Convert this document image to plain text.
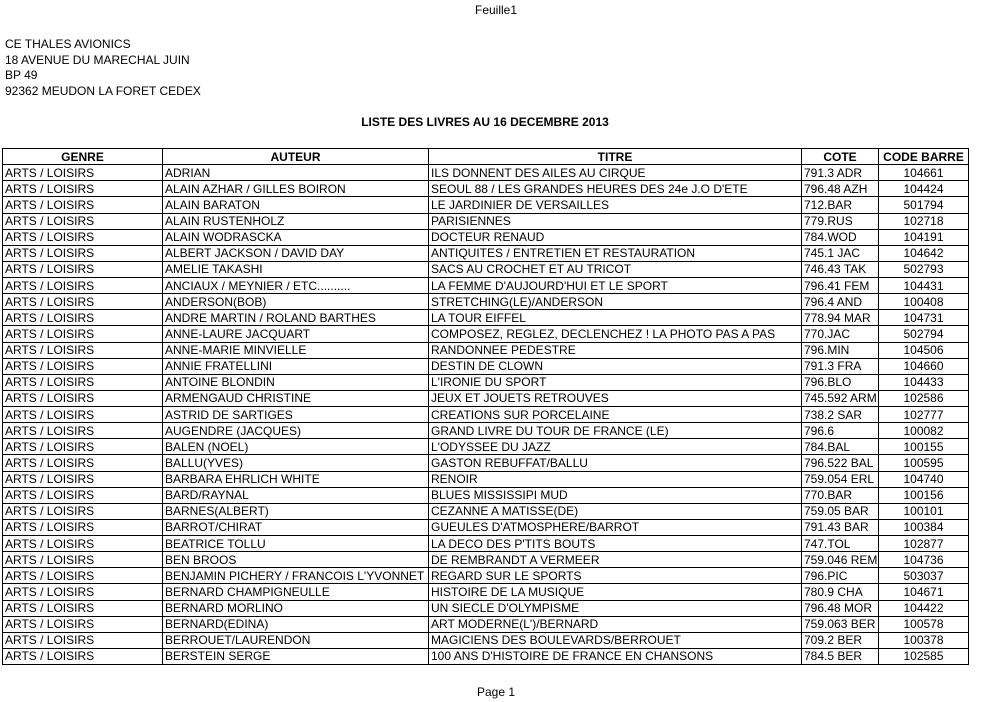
Feuille1
CE THALES AVIONICS
18 AVENUE DU MARECHAL JUIN
BP 49
92362 MEUDON LA FORET CEDEX
LISTE DES LIVRES AU 16 DECEMBRE 2013
GENRE	AUTEUR	TITRE	COTE	CODE BARRE
ARTS / LOISIRS	ADRIAN	ILS DONNENT DES AILES AU CIRQUE	791.3 ADR	104661
ARTS / LOISIRS	ALAIN AZHAR / GILLES BOIRON	SEOUL 88 / LES GRANDES HEURES DES 24e J.O D'ETE	796.48 AZH	104424
ARTS / LOISIRS	ALAIN BARATON	LE JARDINIER DE VERSAILLES	712.BAR	501794
ARTS / LOISIRS	ALAIN RUSTENHOLZ	PARISIENNES	779.RUS	102718
ARTS / LOISIRS	ALAIN WODRASCKA	DOCTEUR RENAUD	784.WOD	104191
ARTS / LOISIRS	ALBERT JACKSON / DAVID DAY	ANTIQUITES / ENTRETIEN ET RESTAURATION	745.1 JAC	104642
ARTS / LOISIRS	AMELIE TAKASHI	SACS AU CROCHET ET AU TRICOT	746.43 TAK	502793
ARTS / LOISIRS	ANCIAUX / MEYNIER / ETC..........	LA FEMME D'AUJOURD'HUI ET LE SPORT	796.41 FEM	104431
ARTS / LOISIRS	ANDERSON(BOB)	STRETCHING(LE)/ANDERSON	796.4 AND	100408
ARTS / LOISIRS	ANDRE MARTIN / ROLAND BARTHES	LA TOUR EIFFEL	778.94 MAR	104731
ARTS / LOISIRS	ANNE-LAURE JACQUART	COMPOSEZ, REGLEZ, DECLENCHEZ ! LA PHOTO PAS A PAS	770.JAC	502794
ARTS / LOISIRS	ANNE-MARIE MINVIELLE	RANDONNEE PEDESTRE	796.MIN	104506
ARTS / LOISIRS	ANNIE FRATELLINI	DESTIN DE CLOWN	791.3 FRA	104660
ARTS / LOISIRS	ANTOINE BLONDIN	L'IRONIE DU SPORT	796.BLO	104433
ARTS / LOISIRS	ARMENGAUD CHRISTINE	JEUX ET JOUETS RETROUVES	745.592 ARM	102586
ARTS / LOISIRS	ASTRID DE SARTIGES	CREATIONS SUR PORCELAINE	738.2 SAR	102777
ARTS / LOISIRS	AUGENDRE (JACQUES)	GRAND LIVRE DU TOUR DE FRANCE (LE)	796.6	100082
ARTS / LOISIRS	BALEN (NOEL)	L'ODYSSEE DU JAZZ	784.BAL	100155
ARTS / LOISIRS	BALLU(YVES)	GASTON REBUFFAT/BALLU	796.522 BAL	100595
ARTS / LOISIRS	BARBARA EHRLICH WHITE	RENOIR	759.054 ERL	104740
ARTS / LOISIRS	BARD/RAYNAL	BLUES MISSISSIPI MUD	770.BAR	100156
ARTS / LOISIRS	BARNES(ALBERT)	CEZANNE A MATISSE(DE)	759.05 BAR	100101
ARTS / LOISIRS	BARROT/CHIRAT	GUEULES D'ATMOSPHERE/BARROT	791.43 BAR	100384
ARTS / LOISIRS	BEATRICE TOLLU	LA DECO DES P'TITS BOUTS	747.TOL	102877
ARTS / LOISIRS	BEN BROOS	DE REMBRANDT A VERMEER	759.046 REM	104736
ARTS / LOISIRS	BENJAMIN PICHERY / FRANCOIS L'YVONNET	REGARD SUR LE SPORTS	796.PIC	503037
ARTS / LOISIRS	BERNARD CHAMPIGNEULLE	HISTOIRE DE LA MUSIQUE	780.9 CHA	104671
ARTS / LOISIRS	BERNARD MORLINO	UN SIECLE D'OLYMPISME	796.48 MOR	104422
ARTS / LOISIRS	BERNARD(EDINA)	ART MODERNE(L')/BERNARD	759.063 BER	100578
ARTS / LOISIRS	BERROUET/LAURENDON	MAGICIENS DES BOULEVARDS/BERROUET	709.2 BER	100378
ARTS / LOISIRS	BERSTEIN SERGE	100 ANS D'HISTOIRE DE FRANCE EN CHANSONS	784.5 BER	102585
Page 1
